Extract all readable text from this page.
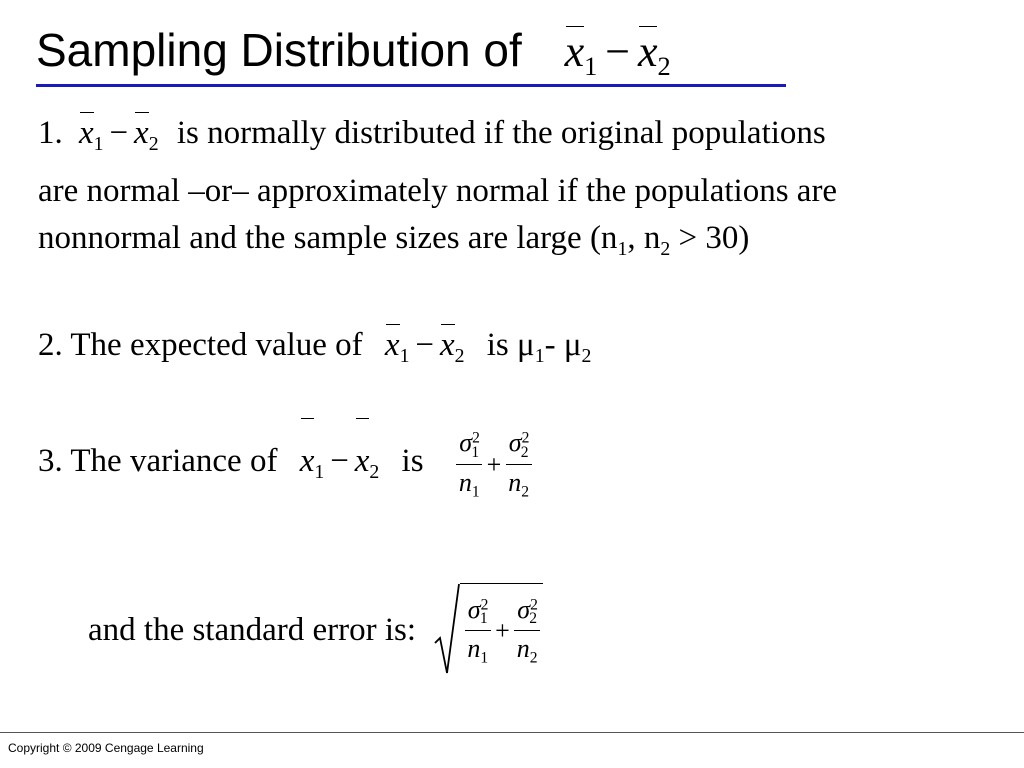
Sampling Distribution of $x_1 - x_2$
1. $x_1 - x_2$ is normally distributed if the original populations
are normal –or– approximately normal if the populations are
nonnormal and the sample sizes are large ($n_1$, $n_2 > 30$)
2. The expected value of $x_1 - x_2$ is $\mu_1-$ $\mu_2$
3. The variance of $x_1 - x_2$ is $\frac{\sigma^2_1}{n_1} + \frac{\sigma^2_2}{n_2}$
and the standard error is: $\frac{\sigma^2_1}{n_1} + \frac{\sigma^2_2}{n_2}$
Copyright © 2009 Cengage Learning
